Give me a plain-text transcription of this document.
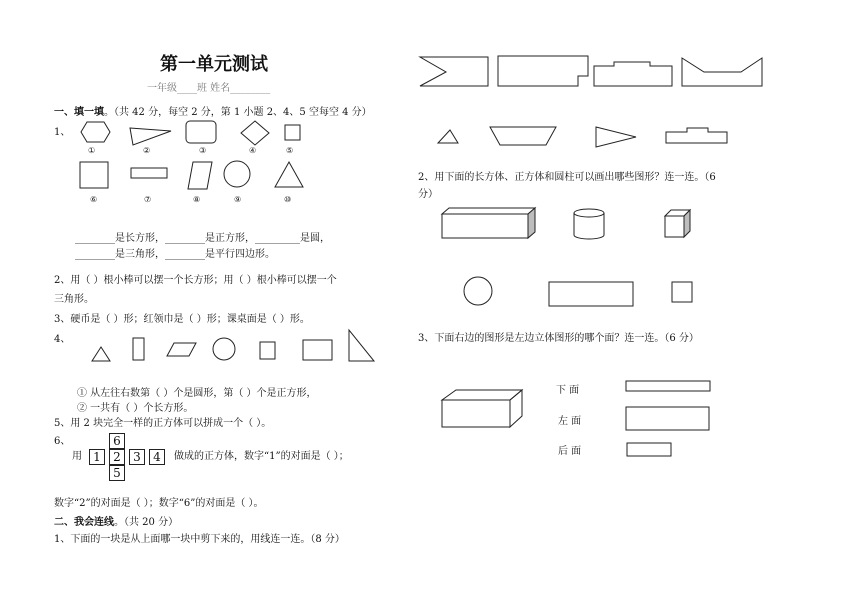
第一单元测试
一年级____班 姓名________
一、填一填。（共 42 分，每空 2 分，第 1 小题 2、4、5 空每空 4 分）
1、
①	②	③	④	⑤
⑥	⑦	⑧	⑨	⑩
________是长方形，________是正方形，_________是圆，
________是三角形，________是平行四边形。
2、用（ ）根小棒可以摆一个长方形；用（ ）根小棒可以摆一个
三角形。
3、硬币是（ ）形；红领巾是（ ）形；课桌面是（ ）形。
4、
① 从左往右数第（ ）个是圆形，第（ ）个是正方形，
② 一共有（ ）个长方形。
5、用 2 块完全一样的正方体可以拼成一个（ ）。
6、
用
6
1	2	3	4
5
做成的正方体，数字“1”的对面是（ ）；
数字“2”的对面是（ ）；数字“6”的对面是（ ）。
二、我会连线。（共 20 分）
1、下面的一块是从上面哪一块中剪下来的，用线连一连。（8 分）
2、用下面的长方体、正方体和圆柱可以画出哪些图形？连一连。（6
分）
3、下面右边的图形是左边立体图形的哪个面？连一连。（6 分）
下 面
左 面
后 面
